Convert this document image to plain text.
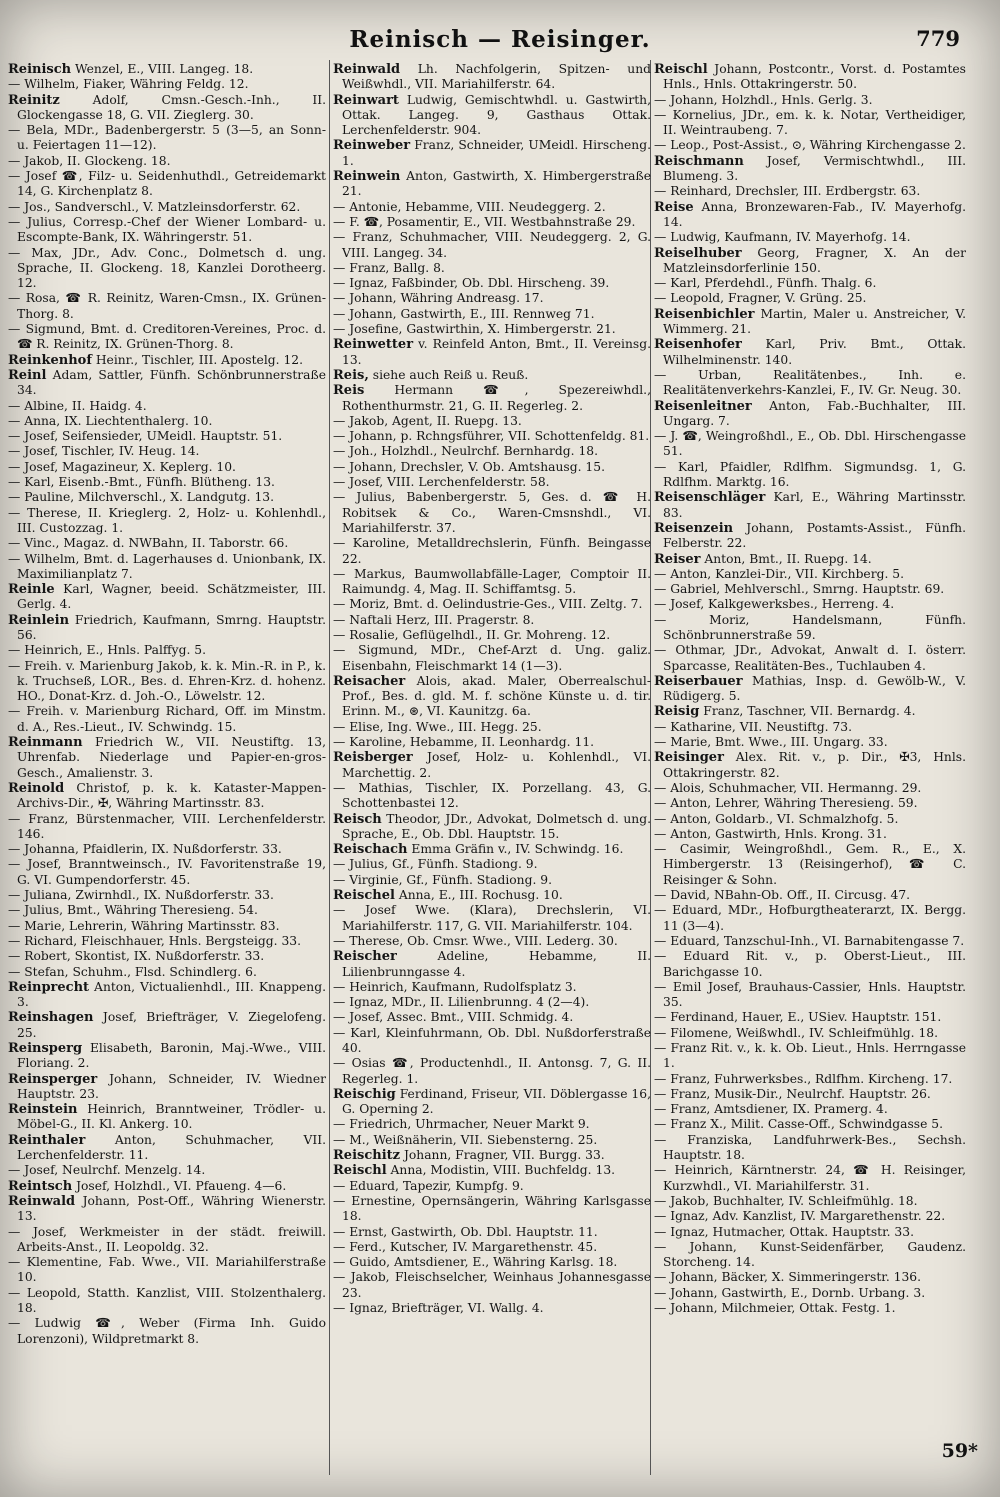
Reinisch — Reisinger.	779
Reinisch Wenzel, E., VIII. Langeg. 18.
— Wilhelm, Fiaker, Währing Feldg. 12.
Reinitz Adolf, Cmsn.-Gesch.-Inh., II. Glockengasse 18, G. VII. Zieglerg. 30.
— Bela, MDr., Badenbergerstr. 5 (3—5, an Sonn- u. Feiertagen 11—12).
— Jakob, II. Glockeng. 18.
— Josef ☎, Filz- u. Seidenhuthdl., Getreidemarkt 14, G. Kirchenplatz 8.
— Jos., Sandverschl., V. Matzleinsdorferstr. 62.
— Julius, Corresp.-Chef der Wiener Lombard- u. Escompte-Bank, IX. Währingerstr. 51.
— Max, JDr., Adv. Conc., Dolmetsch d. ung. Sprache, II. Glockeng. 18, Kanzlei Dorotheerg. 12.
— Rosa, ☎ R. Reinitz, Waren-Cmsn., IX. Grünen-Thorg. 8.
— Sigmund, Bmt. d. Creditoren-Vereines, Proc. d. ☎ R. Reinitz, IX. Grünen-Thorg. 8.
Reinkenhof Heinr., Tischler, III. Apostelg. 12.
Reinl Adam, Sattler, Fünfh. Schönbrunnerstraße 34.
— Albine, II. Haidg. 4.
— Anna, IX. Liechtenthalerg. 10.
— Josef, Seifensieder, UMeidl. Hauptstr. 51.
— Josef, Tischler, IV. Heug. 14.
— Josef, Magazineur, X. Keplerg. 10.
— Karl, Eisenb.-Bmt., Fünfh. Blütheng. 13.
— Pauline, Milchverschl., X. Landgutg. 13.
— Therese, II. Krieglerg. 2, Holz- u. Kohlenhdl., III. Custozzag. 1.
— Vinc., Magaz. d. NWBahn, II. Taborstr. 66.
— Wilhelm, Bmt. d. Lagerhauses d. Unionbank, IX. Maximilianplatz 7.
Reinle Karl, Wagner, beeid. Schätzmeister, III. Gerlg. 4.
Reinlein Friedrich, Kaufmann, Smrng. Hauptstr. 56.
— Heinrich, E., Hnls. Palffyg. 5.
— Freih. v. Marienburg Jakob, k. k. Min.-R. in P., k. k. Truchseß, LOR., Bes. d. Ehren-Krz. d. hohenz. HO., Donat-Krz. d. Joh.-O., Löwelstr. 12.
— Freih. v. Marienburg Richard, Off. im Minstm. d. A., Res.-Lieut., IV. Schwindg. 15.
Reinmann Friedrich W., VII. Neustiftg. 13, Uhrenfab. Niederlage und Papier-en-gros-Gesch., Amalienstr. 3.
Reinold Christof, p. k. k. Kataster-Mappen-Archivs-Dir., ✠, Währing Martinsstr. 83.
— Franz, Bürstenmacher, VIII. Lerchenfelderstr. 146.
— Johanna, Pfaidlerin, IX. Nußdorferstr. 33.
— Josef, Branntweinsch., IV. Favoritenstraße 19, G. VI. Gumpendorferstr. 45.
— Juliana, Zwirnhdl., IX. Nußdorferstr. 33.
— Julius, Bmt., Währing Theresieng. 54.
— Marie, Lehrerin, Währing Martinsstr. 83.
— Richard, Fleischhauer, Hnls. Bergsteigg. 33.
— Robert, Skontist, IX. Nußdorferstr. 33.
— Stefan, Schuhm., Flsd. Schindlerg. 6.
Reinprecht Anton, Victualienhdl., III. Knappeng. 3.
Reinshagen Josef, Briefträger, V. Ziegelofeng. 25.
Reinsperg Elisabeth, Baronin, Maj.-Wwe., VIII. Floriang. 2.
Reinsperger Johann, Schneider, IV. Wiedner Hauptstr. 23.
Reinstein Heinrich, Branntweiner, Trödler- u. Möbel-G., II. Kl. Ankerg. 10.
Reinthaler Anton, Schuhmacher, VII. Lerchenfelderstr. 11.
— Josef, Neulrchf. Menzelg. 14.
Reintsch Josef, Holzhdl., VI. Pfaueng. 4—6.
Reinwald Johann, Post-Off., Währing Wienerstr. 13.
— Josef, Werkmeister in der städt. freiwill. Arbeits-Anst., II. Leopoldg. 32.
— Klementine, Fab. Wwe., VII. Mariahilferstraße 10.
— Leopold, Statth. Kanzlist, VIII. Stolzenthalerg. 18.
— Ludwig ☎, Weber (Firma Inh. Guido Lorenzoni), Wildpretmarkt 8.
Reinwald Lh. Nachfolgerin, Spitzen- und Weißwhdl., VII. Mariahilferstr. 64.
Reinwart Ludwig, Gemischtwhdl. u. Gastwirth, Ottak. Langeg. 9, Gasthaus Ottak. Lerchenfelderstr. 904.
Reinweber Franz, Schneider, UMeidl. Hirscheng. 1.
Reinwein Anton, Gastwirth, X. Himbergerstraße 21.
— Antonie, Hebamme, VIII. Neudeggerg. 2.
— F. ☎, Posamentir, E., VII. Westbahnstraße 29.
— Franz, Schuhmacher, VIII. Neudeggerg. 2, G. VIII. Langeg. 34.
— Franz, Ballg. 8.
— Ignaz, Faßbinder, Ob. Dbl. Hirscheng. 39.
— Johann, Währing Andreasg. 17.
— Johann, Gastwirth, E., III. Rennweg 71.
— Josefine, Gastwirthin, X. Himbergerstr. 21.
Reinwetter v. Reinfeld Anton, Bmt., II. Vereinsg. 13.
Reis, siehe auch Reiß u. Reuß.
Reis Hermann ☎, Spezereiwhdl., Rothenthurmstr. 21, G. II. Regerleg. 2.
— Jakob, Agent, II. Ruepg. 13.
— Johann, p. Rchngsführer, VII. Schottenfeldg. 81.
— Joh., Holzhdl., Neulrchf. Bernhardg. 18.
— Johann, Drechsler, V. Ob. Amtshausg. 15.
— Josef, VIII. Lerchenfelderstr. 58.
— Julius, Babenbergerstr. 5, Ges. d. ☎ H. Robitsek & Co., Waren-Cmsnshdl., VI. Mariahilferstr. 37.
— Karoline, Metalldrechslerin, Fünfh. Beingasse 22.
— Markus, Baumwollabfälle-Lager, Comptoir II. Raimundg. 4, Mag. II. Schiffamtsg. 5.
— Moriz, Bmt. d. Oelindustrie-Ges., VIII. Zeltg. 7.
— Naftali Herz, III. Pragerstr. 8.
— Rosalie, Geflügelhdl., II. Gr. Mohreng. 12.
— Sigmund, MDr., Chef-Arzt d. Ung. galiz. Eisenbahn, Fleischmarkt 14 (1—3).
Reisacher Alois, akad. Maler, Oberrealschul-Prof., Bes. d. gld. M. f. schöne Künste u. d. tir. Erinn. M., ⊛, VI. Kaunitzg. 6a.
— Elise, Ing. Wwe., III. Hegg. 25.
— Karoline, Hebamme, II. Leonhardg. 11.
Reisberger Josef, Holz- u. Kohlenhdl., VI. Marchettig. 2.
— Mathias, Tischler, IX. Porzellang. 43, G. Schottenbastei 12.
Reisch Theodor, JDr., Advokat, Dolmetsch d. ung. Sprache, E., Ob. Dbl. Hauptstr. 15.
Reischach Emma Gräfin v., IV. Schwindg. 16.
— Julius, Gf., Fünfh. Stadiong. 9.
— Virginie, Gf., Fünfh. Stadiong. 9.
Reischel Anna, E., III. Rochusg. 10.
— Josef Wwe. (Klara), Drechslerin, VI. Mariahilferstr. 117, G. VII. Mariahilferstr. 104.
— Therese, Ob. Cmsr. Wwe., VIII. Lederg. 30.
Reischer Adeline, Hebamme, II. Lilienbrunngasse 4.
— Heinrich, Kaufmann, Rudolfsplatz 3.
— Ignaz, MDr., II. Lilienbrunng. 4 (2—4).
— Josef, Assec. Bmt., VIII. Schmidg. 4.
— Karl, Kleinfuhrmann, Ob. Dbl. Nußdorferstraße 40.
— Osias ☎, Productenhdl., II. Antonsg. 7, G. II. Regerleg. 1.
Reischig Ferdinand, Friseur, VII. Döblergasse 16, G. Operning 2.
— Friedrich, Uhrmacher, Neuer Markt 9.
— M., Weißnäherin, VII. Siebensterng. 25.
Reischitz Johann, Fragner, VII. Burgg. 33.
Reischl Anna, Modistin, VIII. Buchfeldg. 13.
— Eduard, Tapezir, Kumpfg. 9.
— Ernestine, Opernsängerin, Währing Karlsgasse 18.
— Ernst, Gastwirth, Ob. Dbl. Hauptstr. 11.
— Ferd., Kutscher, IV. Margarethenstr. 45.
— Guido, Amtsdiener, E., Währing Karlsg. 18.
— Jakob, Fleischselcher, Weinhaus Johannesgasse 23.
— Ignaz, Briefträger, VI. Wallg. 4.
Reischl Johann, Postcontr., Vorst. d. Postamtes Hnls., Hnls. Ottakringerstr. 50.
— Johann, Holzhdl., Hnls. Gerlg. 3.
— Kornelius, JDr., em. k. k. Notar, Vertheidiger, II. Weintraubeng. 7.
— Leop., Post-Assist., ⊙, Währing Kirchengasse 2.
Reischmann Josef, Vermischtwhdl., III. Blumeng. 3.
— Reinhard, Drechsler, III. Erdbergstr. 63.
Reise Anna, Bronzewaren-Fab., IV. Mayerhofg. 14.
— Ludwig, Kaufmann, IV. Mayerhofg. 14.
Reiselhuber Georg, Fragner, X. An der Matzleinsdorferlinie 150.
— Karl, Pferdehdl., Fünfh. Thalg. 6.
— Leopold, Fragner, V. Grüng. 25.
Reisenbichler Martin, Maler u. Anstreicher, V. Wimmerg. 21.
Reisenhofer Karl, Priv. Bmt., Ottak. Wilhelminenstr. 140.
— Urban, Realitätenbes., Inh. e. Realitätenverkehrs-Kanzlei, F., IV. Gr. Neug. 30.
Reisenleitner Anton, Fab.-Buchhalter, III. Ungarg. 7.
— J. ☎, Weingroßhdl., E., Ob. Dbl. Hirschengasse 51.
— Karl, Pfaidler, Rdlfhm. Sigmundsg. 1, G. Rdlfhm. Marktg. 16.
Reisenschläger Karl, E., Währing Martinsstr. 83.
Reisenzein Johann, Postamts-Assist., Fünfh. Felberstr. 22.
Reiser Anton, Bmt., II. Ruepg. 14.
— Anton, Kanzlei-Dir., VII. Kirchberg. 5.
— Gabriel, Mehlverschl., Smrng. Hauptstr. 69.
— Josef, Kalkgewerksbes., Herreng. 4.
— Moriz, Handelsmann, Fünfh. Schönbrunnerstraße 59.
— Othmar, JDr., Advokat, Anwalt d. I. österr. Sparcasse, Realitäten-Bes., Tuchlauben 4.
Reiserbauer Mathias, Insp. d. Gewölb-W., V. Rüdigerg. 5.
Reisig Franz, Taschner, VII. Bernardg. 4.
— Katharine, VII. Neustiftg. 73.
— Marie, Bmt. Wwe., III. Ungarg. 33.
Reisinger Alex. Rit. v., p. Dir., ✠3, Hnls. Ottakringerstr. 82.
— Alois, Schuhmacher, VII. Hermanng. 29.
— Anton, Lehrer, Währing Theresieng. 59.
— Anton, Goldarb., VI. Schmalzhofg. 5.
— Anton, Gastwirth, Hnls. Krong. 31.
— Casimir, Weingroßhdl., Gem. R., E., X. Himbergerstr. 13 (Reisingerhof), ☎ C. Reisinger & Sohn.
— David, NBahn-Ob. Off., II. Circusg. 47.
— Eduard, MDr., Hofburgtheaterarzt, IX. Bergg. 11 (3—4).
— Eduard, Tanzschul-Inh., VI. Barnabitengasse 7.
— Eduard Rit. v., p. Oberst-Lieut., III. Barichgasse 10.
— Emil Josef, Brauhaus-Cassier, Hnls. Hauptstr. 35.
— Ferdinand, Hauer, E., USiev. Hauptstr. 151.
— Filomene, Weißwhdl., IV. Schleifmühlg. 18.
— Franz Rit. v., k. k. Ob. Lieut., Hnls. Herrngasse 1.
— Franz, Fuhrwerksbes., Rdlfhm. Kircheng. 17.
— Franz, Musik-Dir., Neulrchf. Hauptstr. 26.
— Franz, Amtsdiener, IX. Pramerg. 4.
— Franz X., Milit. Casse-Off., Schwindgasse 5.
— Franziska, Landfuhrwerk-Bes., Sechsh. Hauptstr. 18.
— Heinrich, Kärntnerstr. 24, ☎ H. Reisinger, Kurzwhdl., VI. Mariahilferstr. 31.
— Jakob, Buchhalter, IV. Schleifmühlg. 18.
— Ignaz, Adv. Kanzlist, IV. Margarethenstr. 22.
— Ignaz, Hutmacher, Ottak. Hauptstr. 33.
— Johann, Kunst-Seidenfärber, Gaudenz. Storcheng. 14.
— Johann, Bäcker, X. Simmeringerstr. 136.
— Johann, Gastwirth, E., Dornb. Urbang. 3.
— Johann, Milchmeier, Ottak. Festg. 1.
59*
